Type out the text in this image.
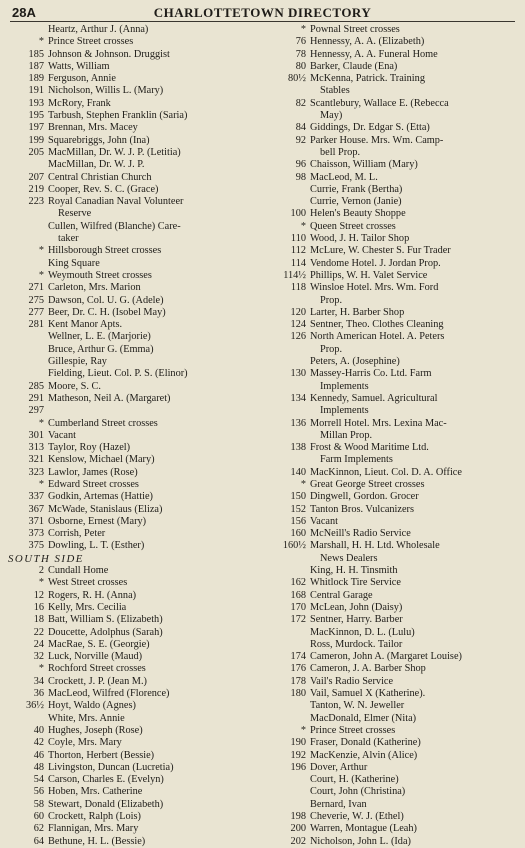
28A	CHARLOTTETOWN DIRECTORY
Heartz, Arthur J. (Anna)
* Prince Street crosses
185 Johnson & Johnson. Druggist
187 Watts, William
189 Ferguson, Annie
191 Nicholson, Willis L. (Mary)
193 McRory, Frank
195 Tarbush, Stephen Franklin (Saria)
197 Brennan, Mrs. Macey
199 Squarebriggs, John (Ina)
205 MacMillan, Dr. W. J. P. (Letitia)
MacMillan, Dr. W. J. P.
207 Central Christian Church
219 Cooper, Rev. S. C. (Grace)
223 Royal Canadian Naval Volunteer
Reserve
Cullen, Wilfred (Blanche) Care-
taker
* Hillsborough Street crosses
King Square
* Weymouth Street crosses
271 Carleton, Mrs. Marion
275 Dawson, Col. U. G. (Adele)
277 Beer, Dr. C. H. (Isobel May)
281 Kent Manor Apts.
Wellner, L. E. (Marjorie)
Bruce, Arthur G. (Emma)
Gillespie, Ray
Fielding, Lieut. Col. P. S. (Elinor)
285 Moore, S. C.
291 Matheson, Neil A. (Margaret)
297
* Cumberland Street crosses
301 Vacant
313 Taylor, Roy (Hazel)
321 Kenslow, Michael (Mary)
323 Lawlor, James (Rose)
* Edward Street crosses
337 Godkin, Artemas (Hattie)
367 McWade, Stanislaus (Eliza)
371 Osborne, Ernest (Mary)
373 Corrish, Peter
375 Dowling, L. T. (Esther)
SOUTH SIDE
2 Cundall Home
* West Street crosses
12 Rogers, R. H. (Anna)
16 Kelly, Mrs. Cecilia
18 Batt, William S. (Elizabeth)
22 Doucette, Adolphus (Sarah)
24 MacRae, S. E. (Georgie)
32 Luck, Norville (Maud)
* Rochford Street crosses
34 Crockett, J. P. (Jean M.)
36 MacLeod, Wilfred (Florence)
36½ Hoyt, Waldo (Agnes)
White, Mrs. Annie
40 Hughes, Joseph (Rose)
42 Coyle, Mrs. Mary
46 Thorton, Herbert (Bessie)
48 Livingston, Duncan (Lucretia)
54 Carson, Charles E. (Evelyn)
56 Hoben, Mrs. Catherine
58 Stewart, Donald (Elizabeth)
60 Crockett, Ralph (Lois)
62 Flannigan, Mrs. Mary
64 Bethune, H. L. (Bessie)
* Pownal Street crosses
76 Hennessy, A. A. (Elizabeth)
78 Hennessy, A. A. Funeral Home
80 Barker, Claude (Ena)
80½ McKenna, Patrick. Training
Stables
82 Scantlebury, Wallace E. (Rebecca
May)
84 Giddings, Dr. Edgar S. (Etta)
92 Parker House. Mrs. Wm. Camp-
bell Prop.
96 Chaisson, William (Mary)
98 MacLeod, M. L.
Currie, Frank (Bertha)
Currie, Vernon (Janie)
100 Helen's Beauty Shoppe
* Queen Street crosses
110 Wood, J. H. Tailor Shop
112 McLure, W. Chester S. Fur Trader
114 Vendome Hotel. J. Jordan Prop.
114½ Phillips, W. H. Valet Service
118 Winsloe Hotel. Mrs. Wm. Ford
Prop.
120 Larter, H. Barber Shop
124 Sentner, Theo. Clothes Cleaning
126 North American Hotel. A. Peters
Prop.
Peters, A. (Josephine)
130 Massey-Harris Co. Ltd. Farm
Implements
134 Kennedy, Samuel. Agricultural
Implements
136 Morrell Hotel. Mrs. Lexina Mac-
Millan Prop.
138 Frost & Wood Maritime Ltd.
Farm Implements
140 MacKinnon, Lieut. Col. D. A. Office
* Great George Street crosses
150 Dingwell, Gordon. Grocer
152 Tanton Bros. Vulcanizers
156 Vacant
160 McNeill's Radio Service
160½ Marshall, H. H. Ltd. Wholesale
News Dealers
King, H. H. Tinsmith
162 Whitlock Tire Service
168 Central Garage
170 McLean, John (Daisy)
172 Sentner, Harry. Barber
MacKinnon, D. L. (Lulu)
Ross, Murdock. Tailor
174 Cameron, John A. (Margaret Louise)
176 Cameron, J. A. Barber Shop
178 Vail's Radio Service
180 Vail, Samuel X (Katherine).
Tanton, W. N. Jeweller
MacDonald, Elmer (Nita)
* Prince Street crosses
190 Fraser, Donald (Katherine)
192 MacKenzie, Alvin (Alice)
196 Dover, Arthur
Court, H. (Katherine)
Court, John (Christina)
Bernard, Ivan
198 Cheverie, W. J. (Ethel)
200 Warren, Montague (Leah)
202 Nicholson, John L. (Ida)
